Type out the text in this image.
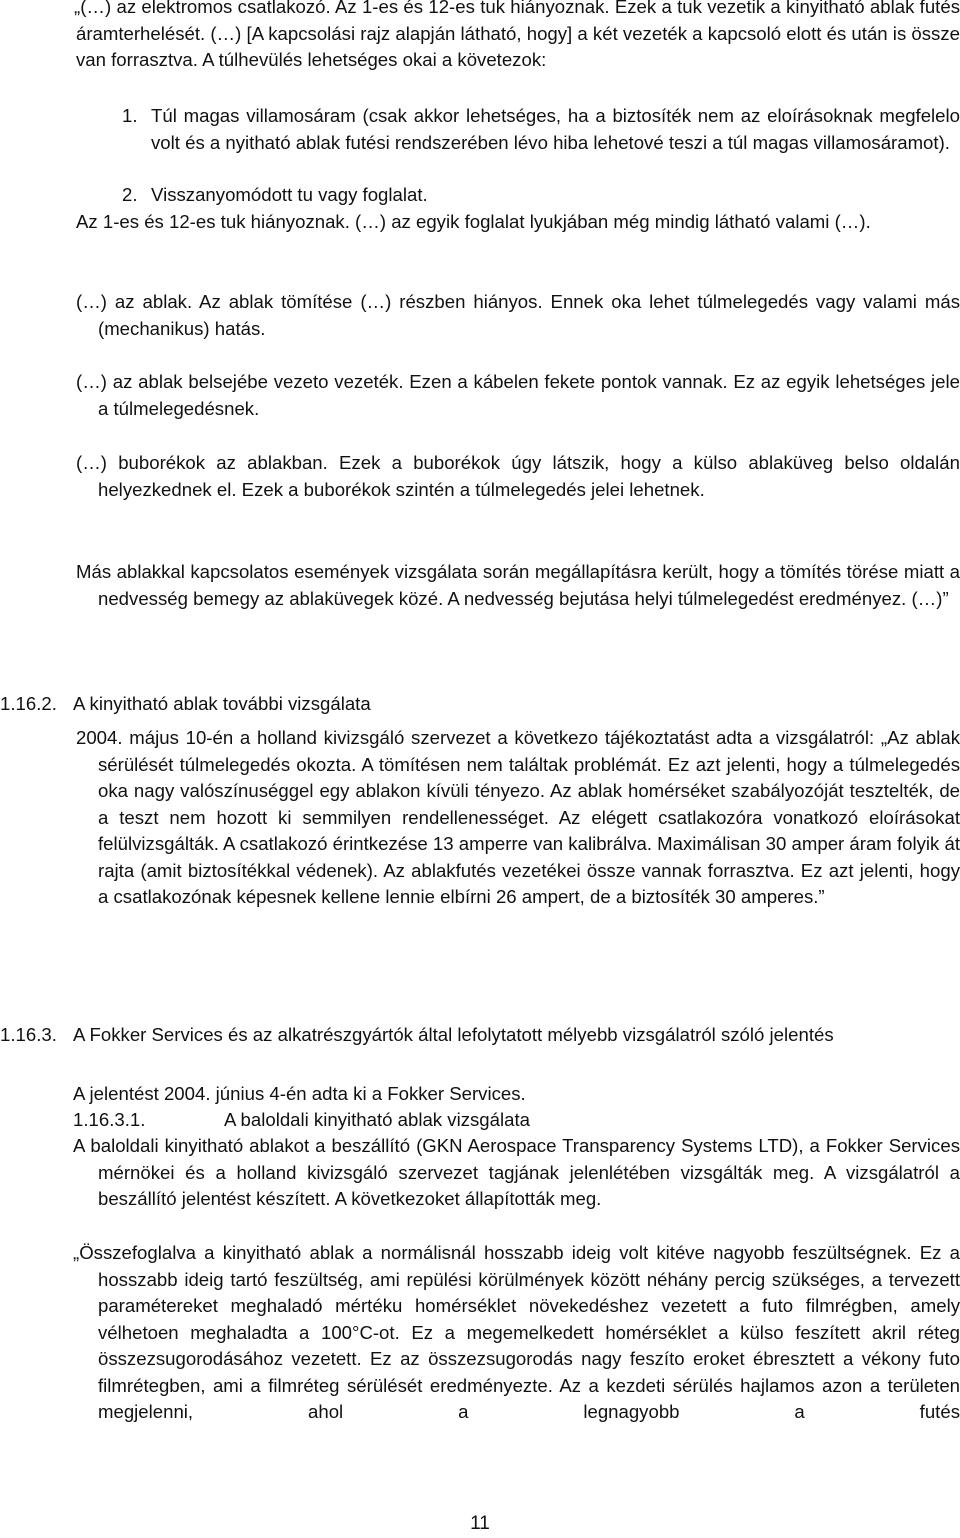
„(…) az elektromos csatlakozó. Az 1-es és 12-es tuk hiányoznak. Ezek a tuk vezetik a kinyitható ablak futés áramterhelését. (…) [A kapcsolási rajz alapján látható, hogy] a két vezeték a kapcsoló elott és után is össze van forrasztva. A túlhevülés lehetséges okai a követezok:
1. Túl magas villamosáram (csak akkor lehetséges, ha a biztosíték nem az eloírásoknak megfelelo volt és a nyitható ablak futési rendszerében lévo hiba lehetové teszi a túl magas villamosáramot).
2. Visszanyomódott tu vagy foglalat.
Az 1-es és 12-es tuk hiányoznak. (…) az egyik foglalat lyukjában még mindig látható valami (…).
(…) az ablak. Az ablak tömítése (…) részben hiányos. Ennek oka lehet túlmelegedés vagy valami más (mechanikus) hatás.
(…) az ablak belsejébe vezeto vezeték. Ezen a kábelen fekete pontok vannak. Ez az egyik lehetséges jele a túlmelegedésnek.
(…) buborékok az ablakban. Ezek a buborékok úgy látszik, hogy a külso ablaküveg belso oldalán helyezkednek el. Ezek a buborékok szintén a túlmelegedés jelei lehetnek.
Más ablakkal kapcsolatos események vizsgálata során megállapításra került, hogy a tömítés törése miatt a nedvesség bemegy az ablaküvegek közé. A nedvesség bejutása helyi túlmelegedést eredményez. (…)”
1.16.2. A kinyitható ablak további vizsgálata
2004. május 10-én a holland kivizsgáló szervezet a következo tájékoztatást adta a vizsgálatról: „Az ablak sérülését túlmelegedés okozta. A tömítésen nem találtak problémát. Ez azt jelenti, hogy a túlmelegedés oka nagy valószínuséggel egy ablakon kívüli tényezo. Az ablak homérséket szabályozóját tesztelték, de a teszt nem hozott ki semmilyen rendellenességet. Az elégett csatlakozóra vonatkozó eloírásokat felülvizsgálták. A csatlakozó érintkezése 13 amperre van kalibrálva. Maximálisan 30 amper áram folyik át rajta (amit biztosítékkal védenek). Az ablakfutés vezetékei össze vannak forrasztva. Ez azt jelenti, hogy a csatlakozónak képesnek kellene lennie elbírni 26 ampert, de a biztosíték 30 amperes.”
1.16.3. A Fokker Services és az alkatrészgyártók által lefolytatott mélyebb vizsgálatról szóló jelentés
A jelentést 2004. június 4-én adta ki a Fokker Services.
1.16.3.1.	A baloldali kinyitható ablak vizsgálata
A baloldali kinyitható ablakot a beszállító (GKN Aerospace Transparency Systems LTD), a Fokker Services mérnökei és a holland kivizsgáló szervezet tagjának jelenlétében vizsgálták meg. A vizsgálatról a beszállító jelentést készített. A következoket állapították meg.
„Összefoglalva a kinyitható ablak a normálisnál hosszabb ideig volt kitéve nagyobb feszültségnek. Ez a hosszabb ideig tartó feszültség, ami repülési körülmények között néhány percig szükséges, a tervezett paramétereket meghaladó mértéku homérséklet növekedéshez vezetett a futo filmrégben, amely vélhetoen meghaladta a 100°C-ot. Ez a megemelkedett homérséklet a külso feszített akril réteg összezsugorodásához vezetett. Ez az összezsugorodás nagy feszíto eroket ébresztett a vékony futo filmrétegben, ami a filmréteg sérülését eredményezte. Az a kezdeti sérülés hajlamos azon a területen megjelenni, ahol a legnagyobb a futés
11
